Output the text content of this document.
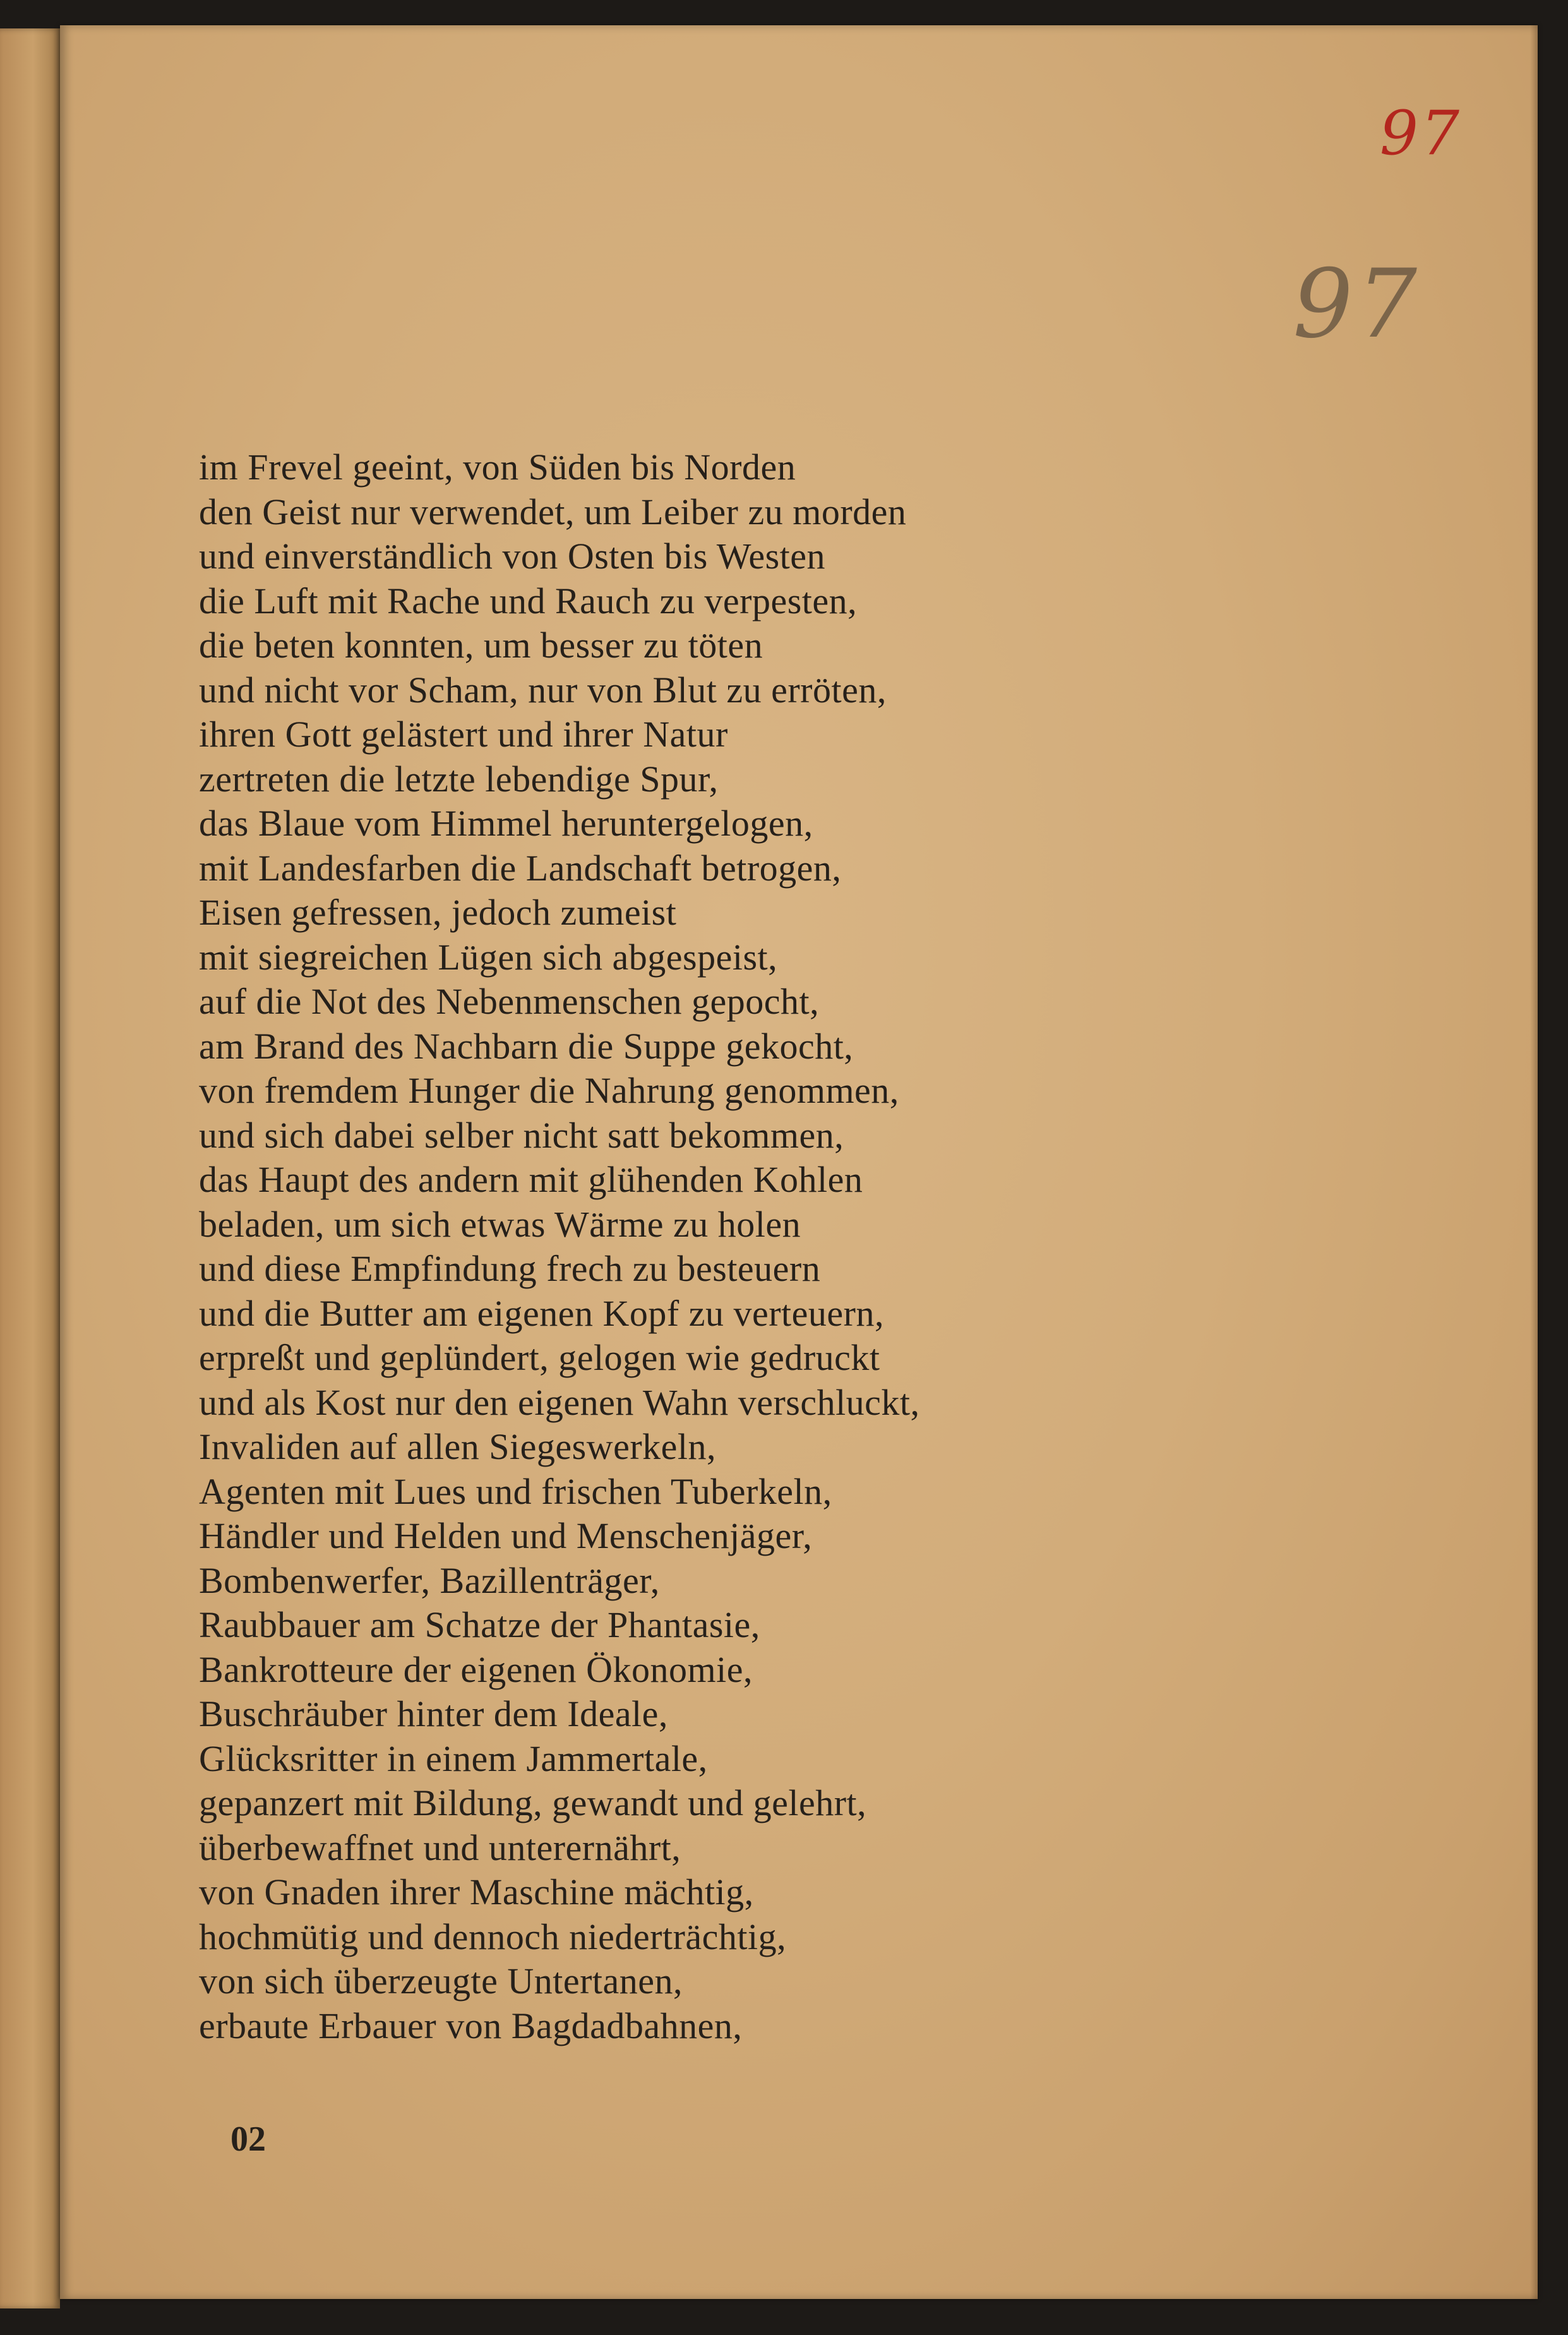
97
97
im Frevel geeint, von Süden bis Norden
den Geist nur verwendet, um Leiber zu morden
und einverständlich von Osten bis Westen
die Luft mit Rache und Rauch zu verpesten,
die beten konnten, um besser zu töten
und nicht vor Scham, nur von Blut zu erröten,
ihren Gott gelästert und ihrer Natur
zertreten die letzte lebendige Spur,
das Blaue vom Himmel heruntergelogen,
mit Landesfarben die Landschaft betrogen,
Eisen gefressen, jedoch zumeist
mit siegreichen Lügen sich abgespeist,
auf die Not des Nebenmenschen gepocht,
am Brand des Nachbarn die Suppe gekocht,
von fremdem Hunger die Nahrung genommen,
und sich dabei selber nicht satt bekommen,
das Haupt des andern mit glühenden Kohlen
beladen, um sich etwas Wärme zu holen
und diese Empfindung frech zu besteuern
und die Butter am eigenen Kopf zu verteuern,
erpreßt und geplündert, gelogen wie gedruckt
und als Kost nur den eigenen Wahn verschluckt,
Invaliden auf allen Siegeswerkeln,
Agenten mit Lues und frischen Tuberkeln,
Händler und Helden und Menschenjäger,
Bombenwerfer, Bazillenträger,
Raubbauer am Schatze der Phantasie,
Bankrotteure der eigenen Ökonomie,
Buschräuber hinter dem Ideale,
Glücksritter in einem Jammertale,
gepanzert mit Bildung, gewandt und gelehrt,
überbewaffnet und unterernährt,
von Gnaden ihrer Maschine mächtig,
hochmütig und dennoch niederträchtig,
von sich überzeugte Untertanen,
erbaute Erbauer von Bagdadbahnen,
02
